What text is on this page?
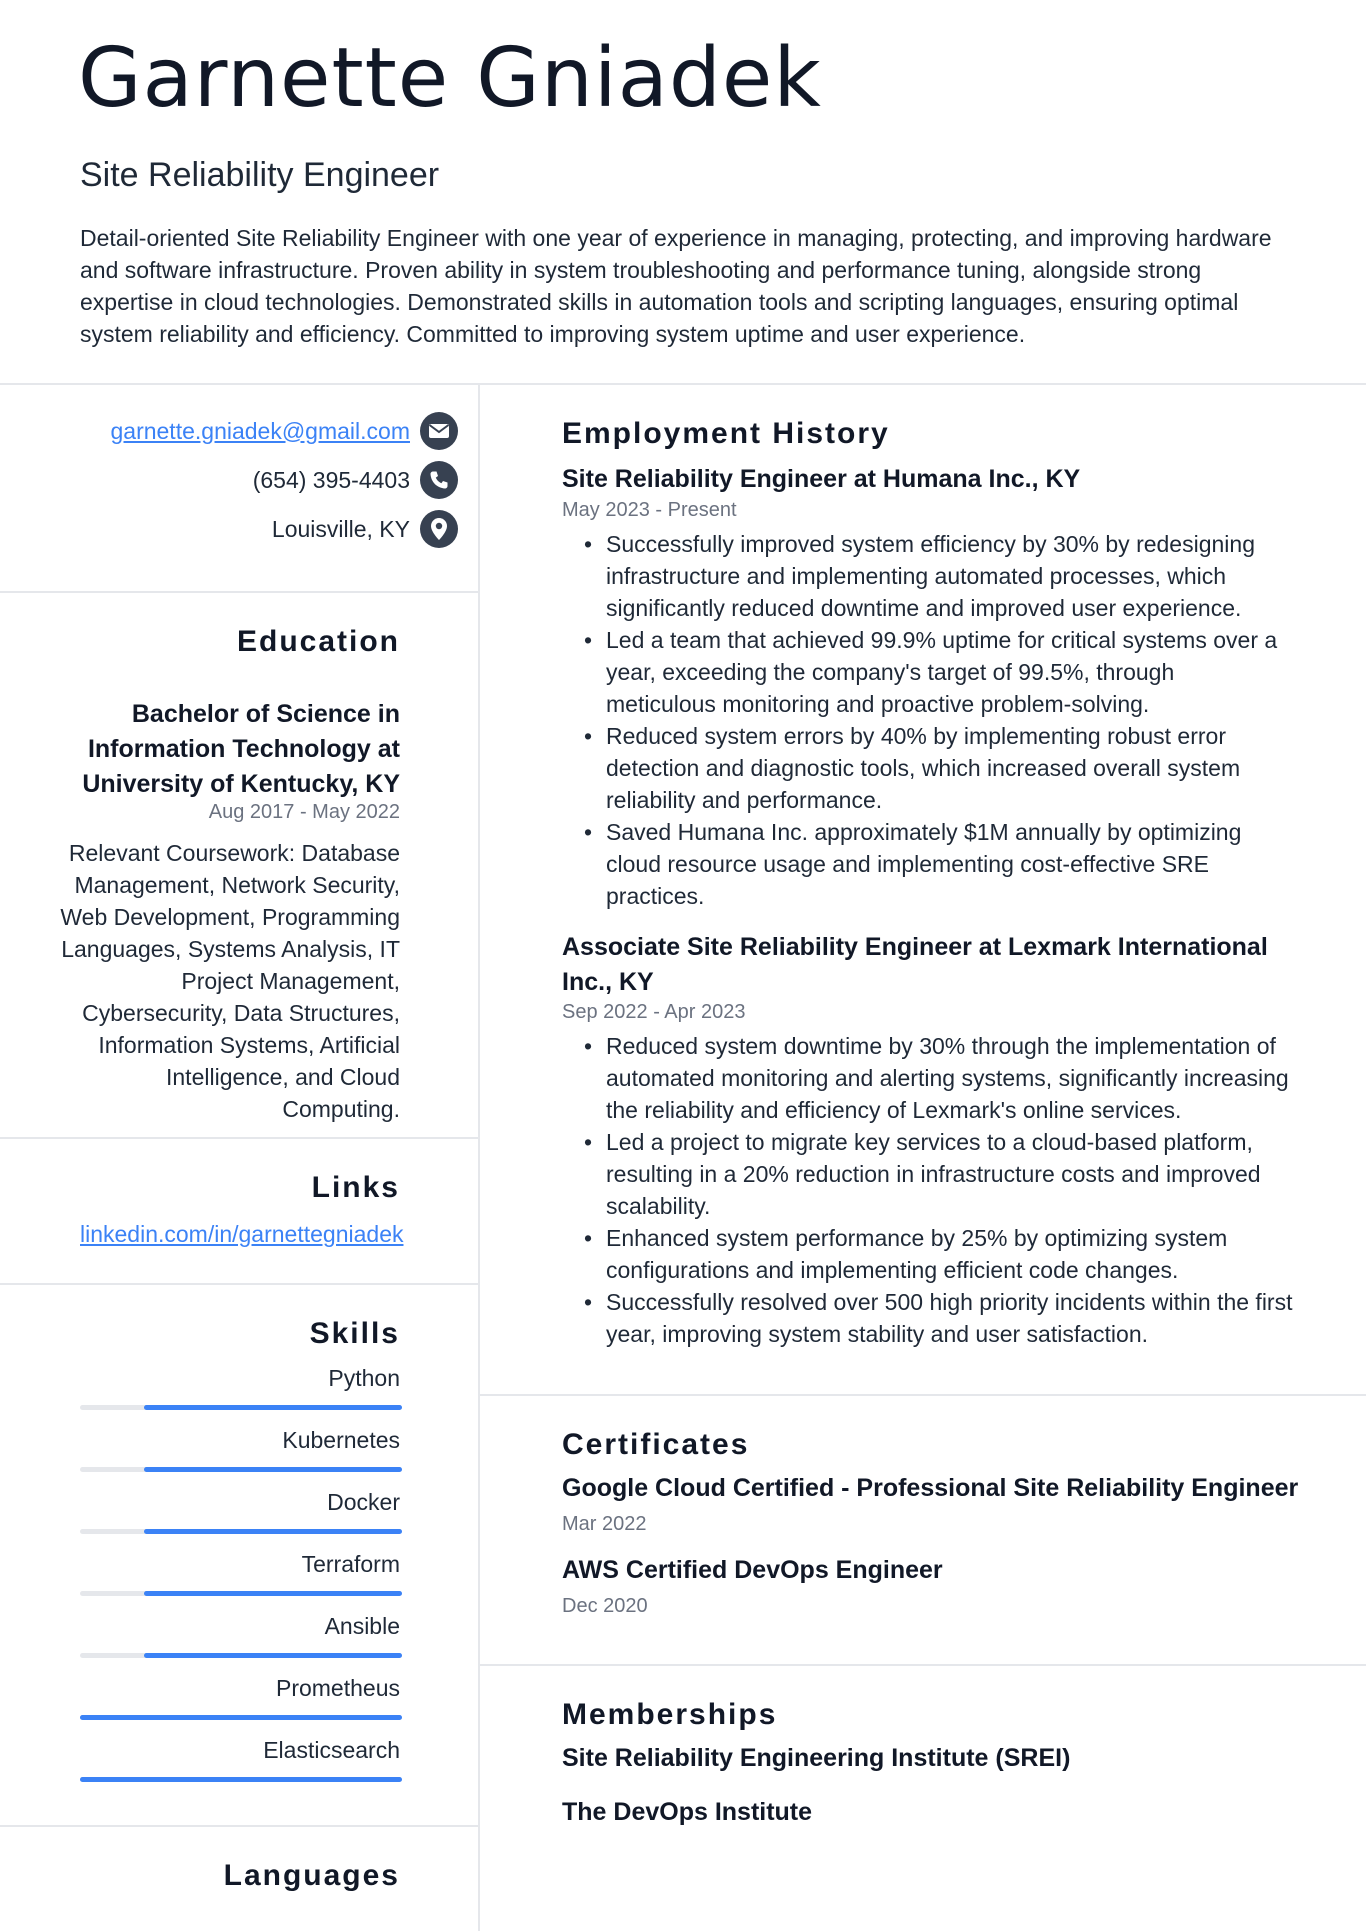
Garnette Gniadek
Site Reliability Engineer
Detail-oriented Site Reliability Engineer with one year of experience in managing, protecting, and improving hardware and software infrastructure. Proven ability in system troubleshooting and performance tuning, alongside strong expertise in cloud technologies. Demonstrated skills in automation tools and scripting languages, ensuring optimal system reliability and efficiency. Committed to improving system uptime and user experience.
garnette.gniadek@gmail.com
(654) 395-4403
Louisville, KY
Education
Bachelor of Science in Information Technology at University of Kentucky, KY
Aug 2017 - May 2022
Relevant Coursework: Database Management, Network Security, Web Development, Programming Languages, Systems Analysis, IT Project Management, Cybersecurity, Data Structures, Information Systems, Artificial Intelligence, and Cloud Computing.
Links
linkedin.com/in/garnettegniadek
Skills
Python
Kubernetes
Docker
Terraform
Ansible
Prometheus
Elasticsearch
Languages
Employment History
Site Reliability Engineer at Humana Inc., KY
May 2023 - Present
• Successfully improved system efficiency by 30% by redesigning infrastructure and implementing automated processes, which significantly reduced downtime and improved user experience.
• Led a team that achieved 99.9% uptime for critical systems over a year, exceeding the company's target of 99.5%, through meticulous monitoring and proactive problem-solving.
• Reduced system errors by 40% by implementing robust error detection and diagnostic tools, which increased overall system reliability and performance.
• Saved Humana Inc. approximately $1M annually by optimizing cloud resource usage and implementing cost-effective SRE practices.
Associate Site Reliability Engineer at Lexmark International Inc., KY
Sep 2022 - Apr 2023
• Reduced system downtime by 30% through the implementation of automated monitoring and alerting systems, significantly increasing the reliability and efficiency of Lexmark's online services.
• Led a project to migrate key services to a cloud-based platform, resulting in a 20% reduction in infrastructure costs and improved scalability.
• Enhanced system performance by 25% by optimizing system configurations and implementing efficient code changes.
• Successfully resolved over 500 high priority incidents within the first year, improving system stability and user satisfaction.
Certificates
Google Cloud Certified - Professional Site Reliability Engineer
Mar 2022
AWS Certified DevOps Engineer
Dec 2020
Memberships
Site Reliability Engineering Institute (SREI)
The DevOps Institute
